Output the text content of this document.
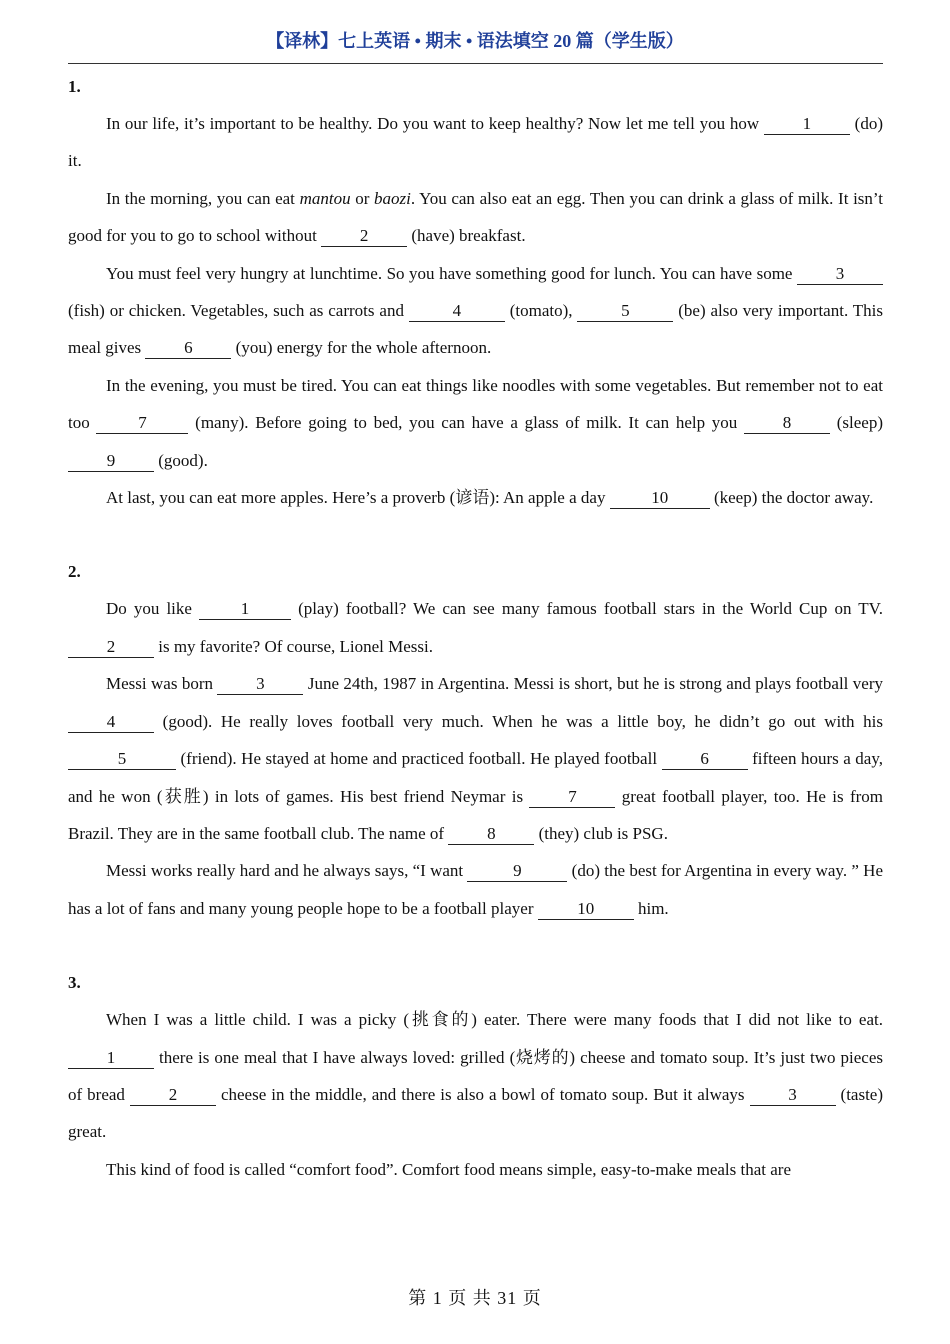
【译林】七上英语 • 期末 • 语法填空 20 篇（学生版）
1.

In our life, it’s important to be healthy. Do you want to keep healthy? Now let me tell you how	1 (do) it.

In the morning, you can eat mantou or baozi. You can also eat an egg. Then you can drink a glass of milk. It isn’t good for you to go to school without 2 (have) breakfast.

You must feel very hungry at lunchtime. So you have something good for lunch. You can have some 3 (fish) or chicken. Vegetables, such as carrots and	4	(tomato),	5	(be) also very important. This meal gives 6 (you) energy for the whole afternoon.

In the evening, you must be tired. You can eat things like noodles with some vegetables. But remember not to eat too 7 (many). Before going to bed, you can have a glass of milk. It can help you 8 (sleep) 9 (good).

At last, you can eat more apples. Here’s a proverb (谚语): An apple a day 10 (keep) the doctor away.

2.

Do you like 1 (play) football? We can see many famous football stars in the World Cup on TV. 2 is my favorite? Of course, Lionel Messi.

Messi was born 3 June 24th, 1987 in Argentina. Messi is short, but he is strong and plays football very 4 (good). He really loves football very much. When he was a little boy, he didn’t go out with his 5	(friend). He stayed at home and practiced football. He played football 6 fifteen hours a day, and he won (获胜) in lots of games. His best friend Neymar is 7 great football player, too. He is from Brazil. They are in the same football club. The name of 8 (they) club is PSG.

Messi works really hard and he always says, “I want	9	(do) the best for Argentina in every way. ” He has a lot of fans and many young people hope to be a football player 10 him.

3.

When I was a little child. I was a picky (挑食的) eater. There were many foods that I did not like to eat. 1 there is one meal that I have always loved: grilled (烧烤的) cheese and tomato soup. It’s just two pieces of bread 2 cheese in the middle, and there is also a bowl of tomato soup. But it always 3 (taste) great.

This kind of food is called “comfort food”. Comfort food means simple, easy-to-make meals that are

第 1 页 共 31 页
